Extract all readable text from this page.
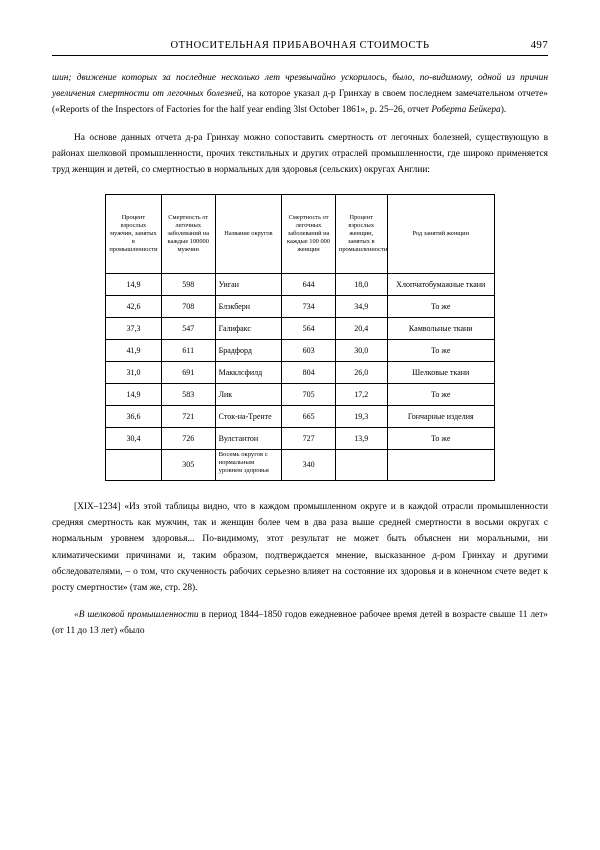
ОТНОСИТЕЛЬНАЯ ПРИБАВОЧНАЯ СТОИМОСТЬ	497

шин; движение которых за последние несколько лет чрезвычайно ускорилось, было, по-видимому, одной из причин увеличения смертности от легочных болезней, на которое указал д-р Гринхау в своем последнем замечательном отчете» («Reports of the Inspectors of Factories for the half year ending 3lst October 1861», p. 25–26, отчет Роберта Бейкера).

На основе данных отчета д-ра Гринхау можно сопоставить смертность от легочных болезней, существующую в районах шелковой промышленности, прочих текстильных и других отраслей промышленности, где широко применяется труд женщин и детей, со смертностью в нормальных для здоровья (сельских) округах Англии:

Процент взрослых мужчин, занятых в промышленности	Смертность от легочных заболеваний на каждые 100000 мужчин	Название округов	Смертность от легочных заболеваний на каждые 100 000 женщин	Процент взрослых женщин, занятых в промышленности	Род занятий женщин
14,9	598	Уиган	644	18,0	Хлопчатобумажные ткани
42,6	708	Блэкберн	734	34,9	То же
37,3	547	Галифакс	564	20,4	Камвольные ткани
41,9	611	Брадфорд	603	30,0	То же
31,0	691	Макклсфилд	804	26,0	Шелковые ткани
14,9	583	Лик	705	17,2	То же
36,6	721	Сток-на-Тренте	665	19,3	Гончарные изделия
30,4	726	Вулстантон	727	13,9	То же
	305	Восемь округов с нормальным уровнем здоровья	340		

[XIX–1234] «Из этой таблицы видно, что в каждом промышленном округе и в каждой отрасли промышленности средняя смертность как мужчин, так и женщин более чем в два раза выше средней смертности в восьми округах с нормальным уровнем здоровья... По-видимому, этот результат не может быть объяснен ни моральными, ни климатическими причинами и, таким образом, подтверждается мнение, высказанное д-ром Гринхау и другими обследователями, – о том, что скученность рабочих серьезно влияет на состояние их здоровья и в конечном счете ведет к росту смертности» (там же, стр. 28).

«В шелковой промышленности в период 1844–1850 годов ежедневное рабочее время детей в возрасте свыше 11 лет» (от 11 до 13 лет) «было
